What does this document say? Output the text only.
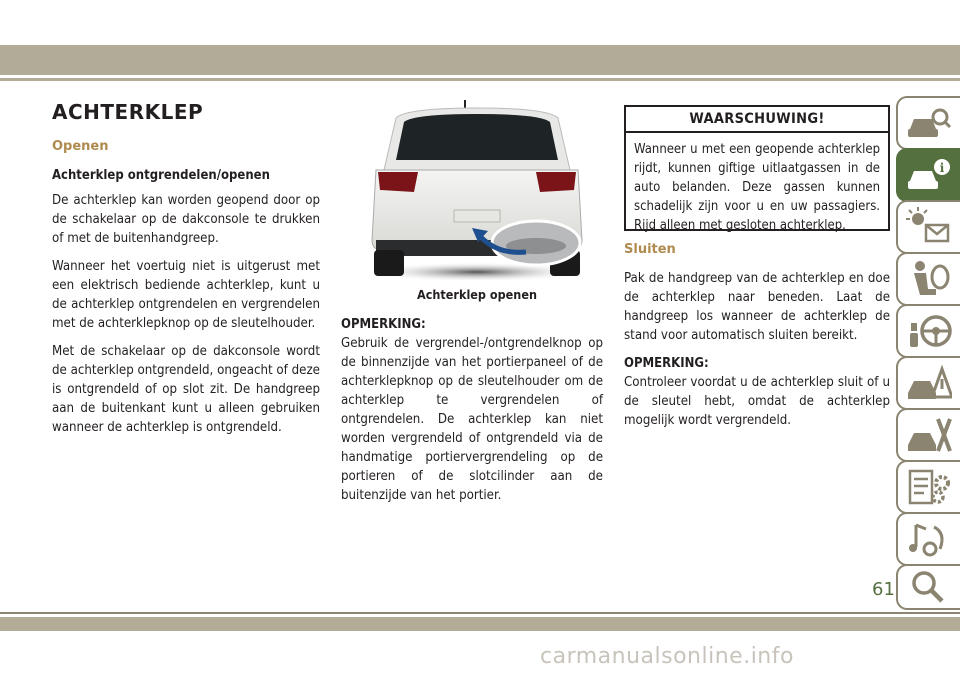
ACHTERKLEP
Openen
Achterklep ontgrendelen/openen

De achterklep kan worden geopend door op de schakelaar op de dakconsole te drukken of met de buitenhandgreep.

Wanneer het voertuig niet is uitgerust met een elektrisch bediende achterklep, kunt u de achterklep ontgrendelen en vergrendelen met de achterklepknop op de sleutelhouder.

Met de schakelaar op de dakconsole wordt de achterklep ontgrendeld, ongeacht of deze is ontgrendeld of op slot zit. De handgreep aan de buitenkant kunt u alleen gebruiken wanneer de achterklep is ontgrendeld.

Achterklep openen
OPMERKING:

Gebruik de vergrendel-/ontgrendelknop op de binnenzijde van het portierpaneel of de achterklepknop op de sleutelhouder om de achterklep te vergrendelen of ontgrendelen. De achterklep kan niet worden vergrendeld of ontgrendeld via de handmatige portiervergrendeling op de portieren of de slotcilinder aan de buitenzijde van het portier.

WAARSCHUWING!
Wanneer u met een geopende achterklep rijdt, kunnen giftige uitlaatgassen in de auto belanden. Deze gassen kunnen schadelijk zijn voor u en uw passagiers. Rijd alleen met gesloten achterklep.
Sluiten

Pak de handgreep van de achterklep en doe de achterklep naar beneden. Laat de handgreep los wanneer de achterklep de stand voor automatisch sluiten bereikt.

OPMERKING:

Controleer voordat u de achterklep sluit of u de sleutel hebt, omdat de achterklep mogelijk wordt vergrendeld.

i
61
carmanualsonline.info
